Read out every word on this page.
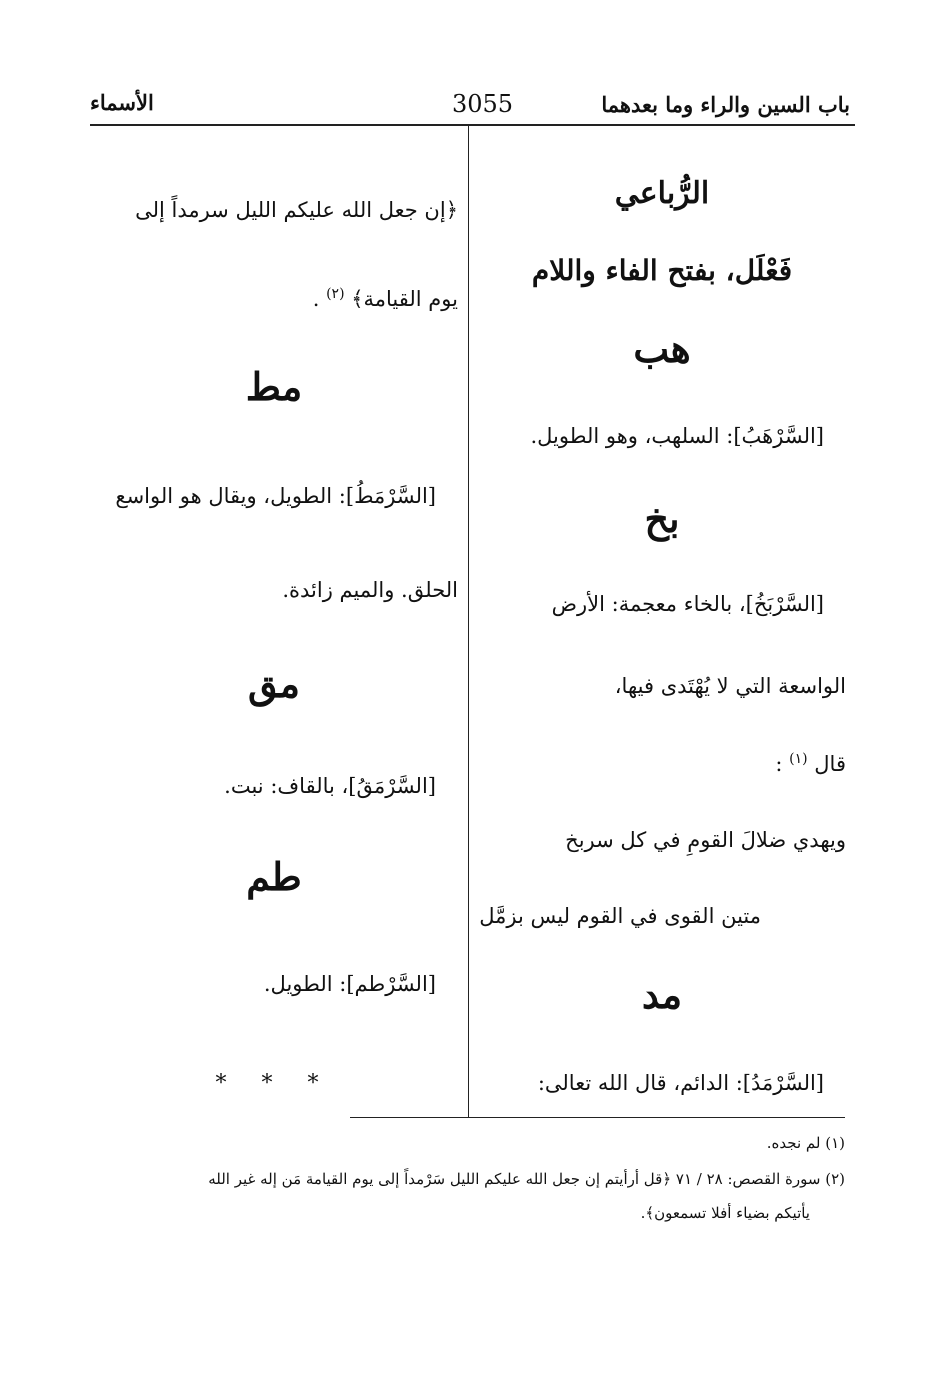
باب السين والراء وما بعدهما
3055
الأسماء
الرُّباعي
فَعْلَل، بفتح الفاء واللام
هب
[السَّرْهَبُ]: السلهب، وهو الطويل.
بخ
[السَّرْبَخُ]، بالخاء معجمة: الأرض
الواسعة التي لا يُهْتَدى فيها،
قال $^{(١)}$ :
ويهدي ضلالَ القومِ في كل سربخ
متين القوى في القوم ليس بزمَّل
مد
[السَّرْمَدُ]: الدائم، قال الله تعالى:
﴿إن جعل الله عليكم الليل سرمداً إلى
يوم القيامة﴾ $^{(٢)}$ .
مط
[السَّرْمَطُ]: الطويل، ويقال هو الواسع
الحلق. والميم زائدة.
مق
[السَّرْمَقُ]، بالقاف: نبت.
طم
[السَّرْطم]: الطويل.
* * *
(١) لم نجده.
(٢) سورة القصص: ٢٨ / ٧١ ﴿قل أرأيتم إن جعل الله عليكم الليل سَرْمداً إلى يوم القيامة مَن إله غير الله
يأتيكم بضياء أفلا تسمعون﴾.
